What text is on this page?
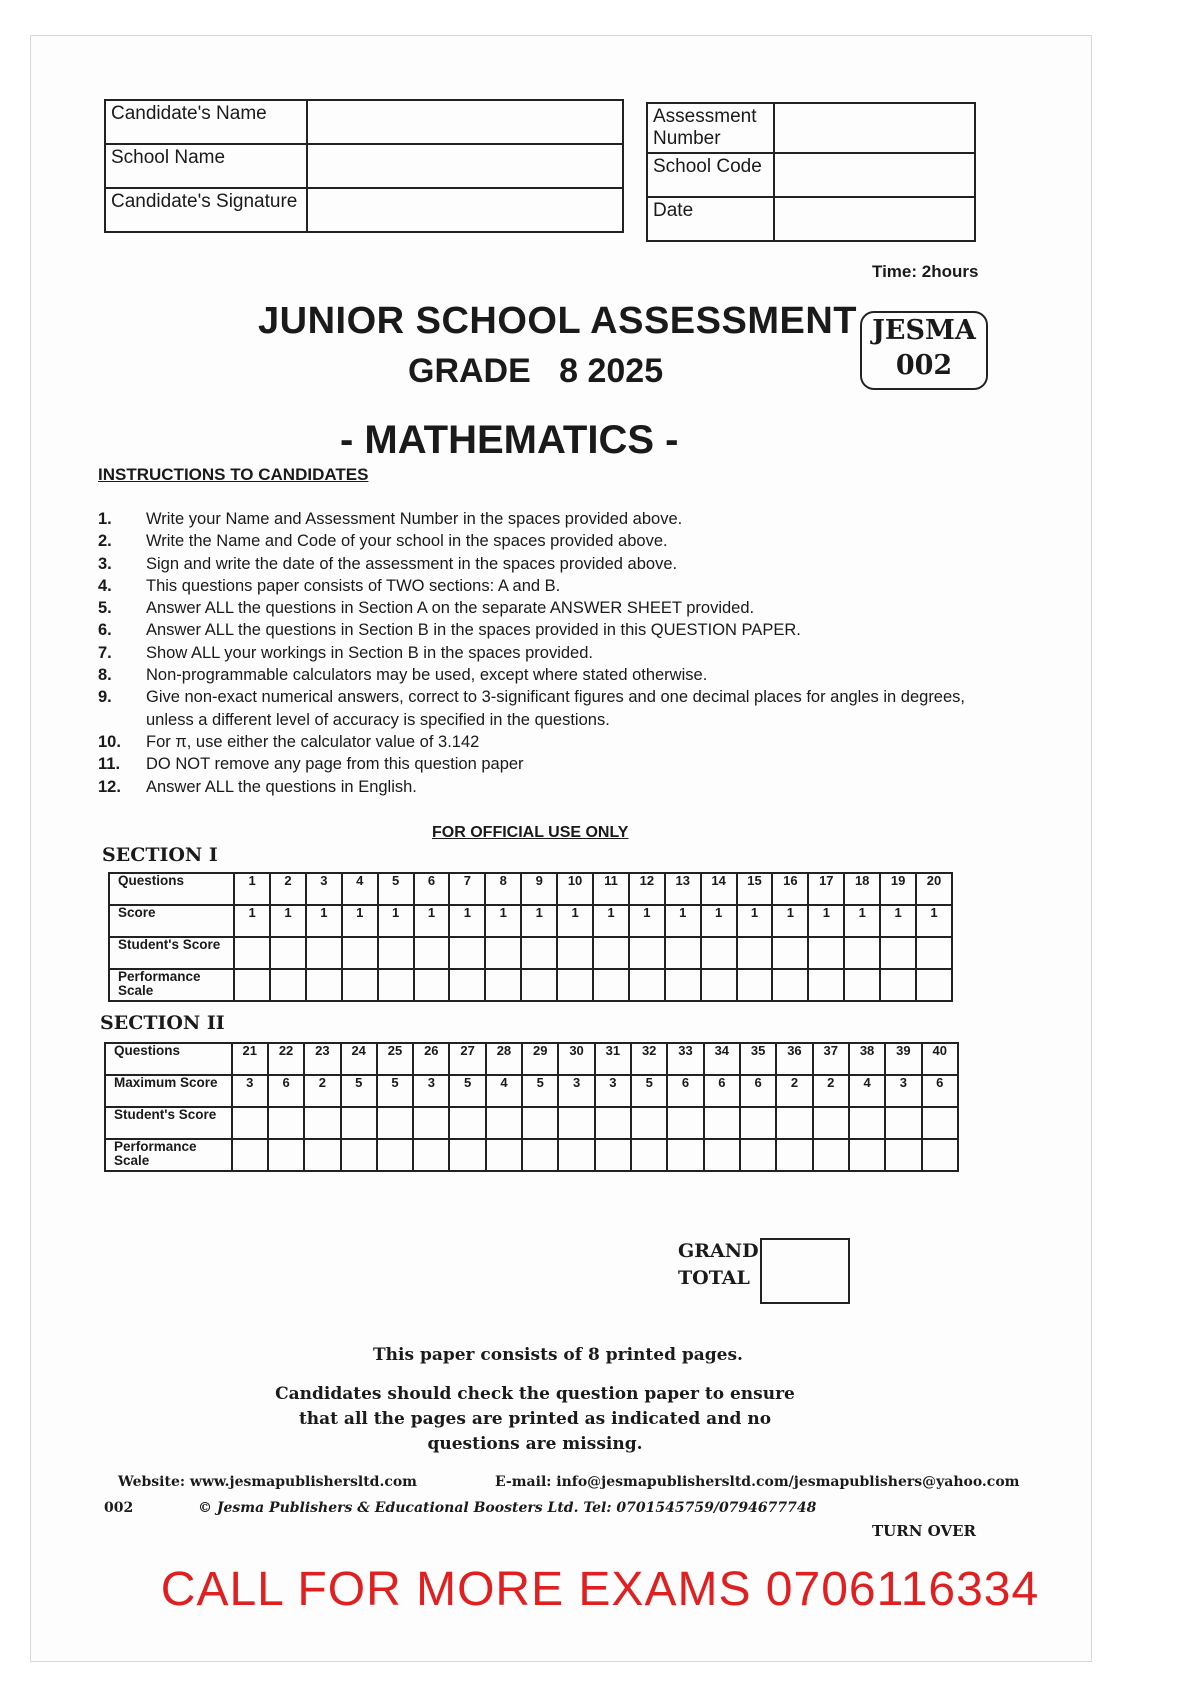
Candidate's Name	
School Name	
Candidate's Signature	
Assessment Number	
School Code	
Date	
Time: 2hours
JUNIOR SCHOOL ASSESSMENT
GRADE   8 2025
- MATHEMATICS -
JESMA
002
INSTRUCTIONS TO CANDIDATES
1.	Write your Name and Assessment Number in the spaces provided above.
2.	Write the Name and Code of your school in the spaces provided above.
3.	Sign and write the date of the assessment in the spaces provided above.
4.	This questions paper consists of TWO sections: A and B.
5.	Answer ALL the questions in Section A on the separate ANSWER SHEET provided.
6.	Answer ALL the questions in Section B in the spaces provided in this QUESTION PAPER.
7.	Show ALL your workings in Section B in the spaces provided.
8.	Non-programmable calculators may be used, except where stated otherwise.
9.	Give non-exact numerical answers, correct to 3-significant figures and one decimal places for angles in degrees, unless a different level of accuracy is specified in the questions.
10.	For π, use either the calculator value of 3.142
11.	DO NOT remove any page from this question paper
12.	Answer ALL the questions in English.
FOR OFFICIAL USE ONLY
SECTION I
Questions	1	2	3	4	5	6	7	8	9	10	11	12	13	14	15	16	17	18	19	20
Score	1	1	1	1	1	1	1	1	1	1	1	1	1	1	1	1	1	1	1	1
Student's Score																				
Performance Scale																				
SECTION II
Questions	21	22	23	24	25	26	27	28	29	30	31	32	33	34	35	36	37	38	39	40
Maximum Score	3	6	2	5	5	3	5	4	5	3	3	5	6	6	6	2	2	4	3	6
Student's Score																				
Performance Scale																				
GRAND TOTAL
This paper consists of 8 printed pages.
Candidates should check the question paper to ensure that all the pages are printed as indicated and no questions are missing.
Website: www.jesmapublishersltd.com	E-mail: info@jesmapublishersltd.com/jesmapublishers@yahoo.com
002	© Jesma Publishers & Educational Boosters Ltd. Tel: 0701545759/0794677748
TURN OVER
CALL FOR MORE EXAMS 0706116334
